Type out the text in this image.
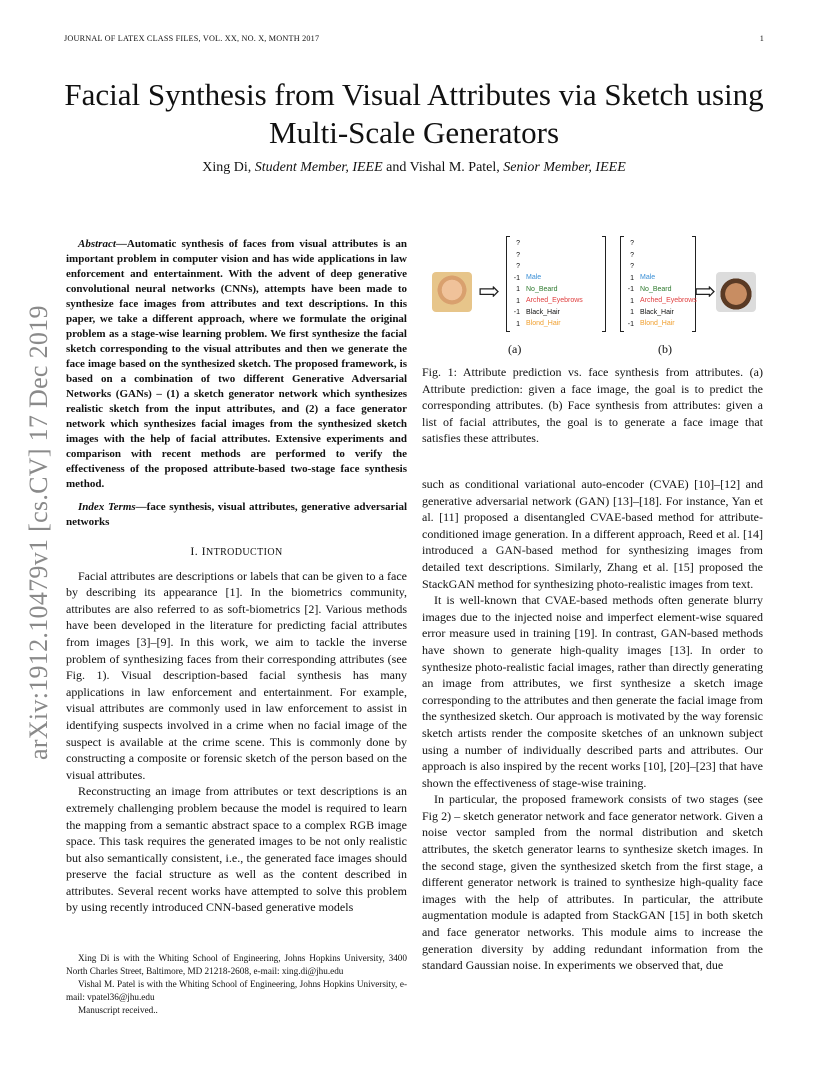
JOURNAL OF LATEX CLASS FILES, VOL. XX, NO. X, MONTH 2017	1
Facial Synthesis from Visual Attributes via Sketch using Multi-Scale Generators
Xing Di, Student Member, IEEE and Vishal M. Patel, Senior Member, IEEE
arXiv:1912.10479v1 [cs.CV] 17 Dec 2019
⇨
?
?
?
-1
1
1
-1
1
Male
No_Beard
Arched_Eyebrows
Black_Hair
Blond_Hair
?
?
?
1
-1
1
1
-1
Male
No_Beard
Arched_Eyebrows
Black_Hair
Blond_Hair
⇨
(a)	(b)
Fig. 1: Attribute prediction vs. face synthesis from attributes. (a) Attribute prediction: given a face image, the goal is to predict the corresponding attributes. (b) Face synthesis from attributes: given a list of facial attributes, the goal is to generate a face image that satisfies these attributes.
Abstract—Automatic synthesis of faces from visual attributes is an important problem in computer vision and has wide applications in law enforcement and entertainment. With the advent of deep generative convolutional neural networks (CNNs), attempts have been made to synthesize face images from attributes and text descriptions. In this paper, we take a different approach, where we formulate the original problem as a stage-wise learning problem. We first synthesize the facial sketch corresponding to the visual attributes and then we generate the face image based on the synthesized sketch. The proposed framework, is based on a combination of two different Generative Adversarial Networks (GANs) – (1) a sketch generator network which synthesizes realistic sketch from the input attributes, and (2) a face generator network which synthesizes facial images from the synthesized sketch images with the help of facial attributes. Extensive experiments and comparison with recent methods are performed to verify the effectiveness of the proposed attribute-based two-stage face synthesis method.
Index Terms—face synthesis, visual attributes, generative adversarial networks
I. INTRODUCTION
Facial attributes are descriptions or labels that can be given to a face by describing its appearance [1]. In the biometrics community, attributes are also referred to as soft-biometrics [2]. Various methods have been developed in the literature for predicting facial attributes from images [3]–[9]. In this work, we aim to tackle the inverse problem of synthesizing faces from their corresponding attributes (see Fig. 1). Visual description-based facial synthesis has many applications in law enforcement and entertainment. For example, visual attributes are commonly used in law enforcement to assist in identifying suspects involved in a crime when no facial image of the suspect is available at the crime scene. This is commonly done by constructing a composite or forensic sketch of the person based on the visual attributes.
Reconstructing an image from attributes or text descriptions is an extremely challenging problem because the model is required to learn the mapping from a semantic abstract space to a complex RGB image space. This task requires the generated images to be not only realistic but also semantically consistent, i.e., the generated face images should preserve the facial structure as well as the content described in attributes. Several recent works have attempted to solve this problem by using recently introduced CNN-based generative models
Xing Di is with the Whiting School of Engineering, Johns Hopkins University, 3400 North Charles Street, Baltimore, MD 21218-2608, e-mail: xing.di@jhu.edu
Vishal M. Patel is with the Whiting School of Engineering, Johns Hopkins University, e-mail: vpatel36@jhu.edu
Manuscript received..
such as conditional variational auto-encoder (CVAE) [10]–[12] and generative adversarial network (GAN) [13]–[18]. For instance, Yan et al. [11] proposed a disentangled CVAE-based method for attribute-conditioned image generation. In a different approach, Reed et al. [14] introduced a GAN-based method for synthesizing images from detailed text descriptions. Similarly, Zhang et al. [15] proposed the StackGAN method for synthesizing photo-realistic images from text.
It is well-known that CVAE-based methods often generate blurry images due to the injected noise and imperfect element-wise squared error measure used in training [19]. In contrast, GAN-based methods have shown to generate high-quality images [13]. In order to synthesize photo-realistic facial images, rather than directly generating an image from attributes, we first synthesize a sketch image corresponding to the attributes and then generate the facial image from the synthesized sketch. Our approach is motivated by the way forensic sketch artists render the composite sketches of an unknown subject using a number of individually described parts and attributes. Our approach is also inspired by the recent works [10], [20]–[23] that have shown the effectiveness of stage-wise training.
In particular, the proposed framework consists of two stages (see Fig 2) – sketch generator network and face generator network. Given a noise vector sampled from the normal distribution and sketch attributes, the sketch generator learns to synthesize sketch images. In the second stage, given the synthesized sketch from the first stage, a different generator network is trained to synthesize high-quality face images with the help of attributes. In particular, the attribute augmentation module is adapted from StackGAN [15] in both sketch and face generator networks. This module aims to increase the generation diversity by adding redundant information from the standard Gaussian noise. In experiments we observed that, due
